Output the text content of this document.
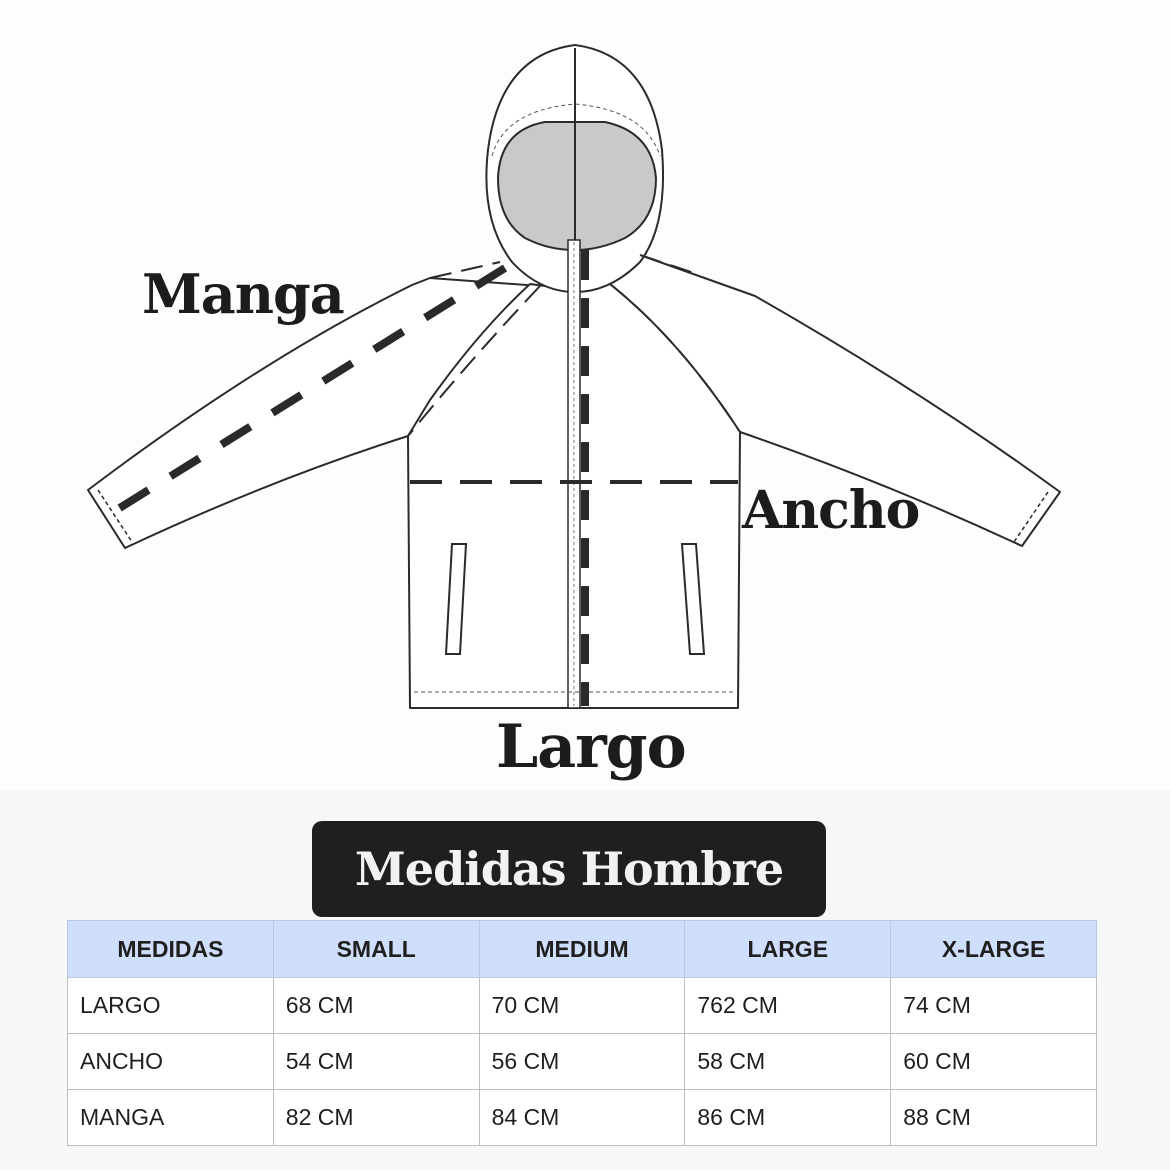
Manga
Ancho
Largo
Medidas Hombre
MEDIDAS	SMALL	MEDIUM	LARGE	X-LARGE
LARGO	68 CM	70 CM	762 CM	74 CM
ANCHO	54 CM	56 CM	58 CM	60 CM
MANGA	82 CM	84 CM	86 CM	88 CM
